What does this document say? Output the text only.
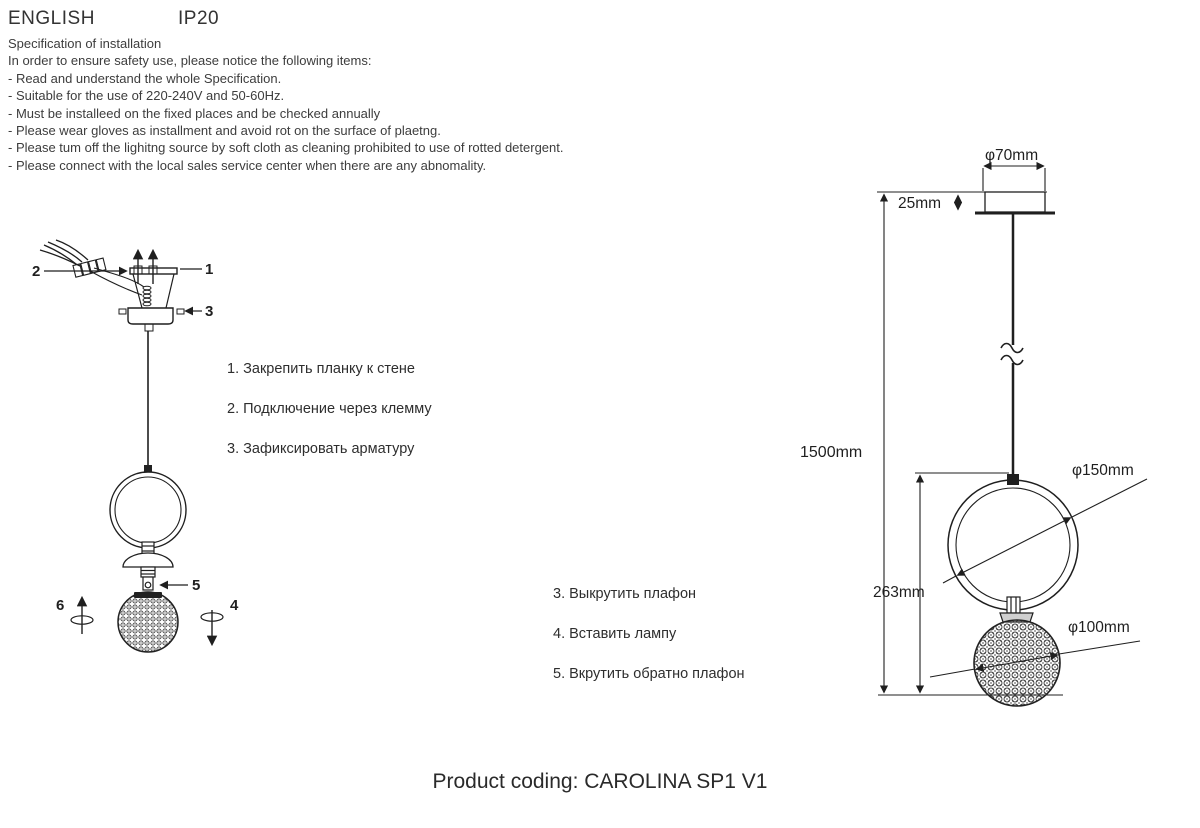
ENGLISH	IP20
Specification of installation
In order to ensure safety use, please notice the following items:
- Read and understand the whole Specification.
- Suitable for the use of 220-240V and 50-60Hz.
- Must be installeed on the fixed places and be checked annually
- Please wear gloves as installment and avoid rot on the surface of plaetng.
- Please tum off the lighitng source by soft cloth as cleaning prohibited to use of rotted detergent.
- Please connect with the local sales service center when there are any abnomality.
1
2
3
5
6	4
1. Закрепить планку к стене
2. Подключение через клемму
3. Зафиксировать арматуру
3. Выкрутить плафон
4. Вставить лампу
5. Вкрутить обратно плафон
φ70mm
25mm
1500mm
263mm
φ150mm
φ100mm
Product coding: CAROLINA SP1 V1
